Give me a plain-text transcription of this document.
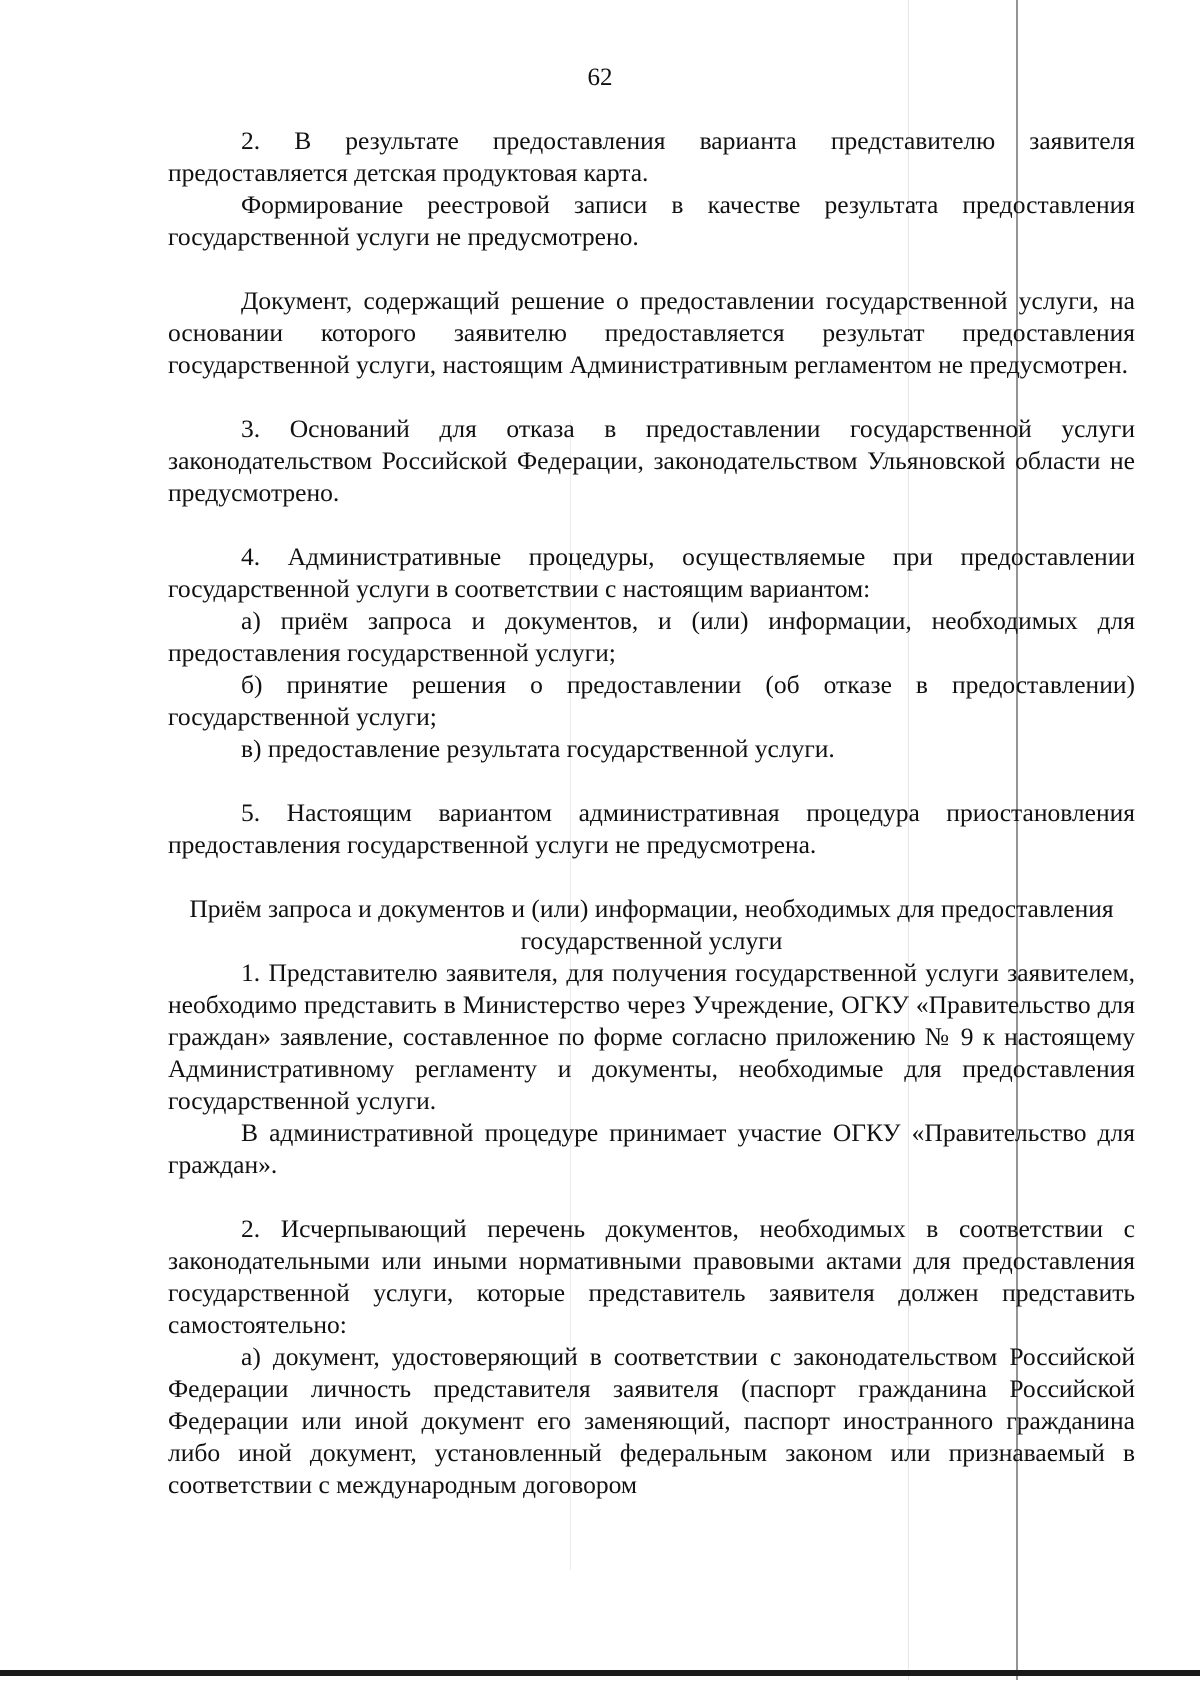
62

2. В результате предоставления варианта представителю заявителя предоставляется детская продуктовая карта.

Формирование реестровой записи в качестве результата предоставления государственной услуги не предусмотрено.

Документ, содержащий решение о предоставлении государственной услуги, на основании которого заявителю предоставляется результат предоставления государственной услуги, настоящим Административным регламентом не предусмотрен.

3. Оснований для отказа в предоставлении государственной услуги законодательством Российской Федерации, законодательством Ульяновской области не предусмотрено.

4. Административные процедуры, осуществляемые при предоставлении государственной услуги в соответствии с настоящим вариантом:

а) приём запроса и документов, и (или) информации, необходимых для предоставления государственной услуги;

б) принятие решения о предоставлении (об отказе в предоставлении) государственной услуги;

в) предоставление результата государственной услуги.

5. Настоящим вариантом административная процедура приостановления предоставления государственной услуги не предусмотрена.

Приём запроса и документов и (или) информации, необходимых для предоставления государственной услуги

1. Представителю заявителя, для получения государственной услуги заявителем, необходимо представить в Министерство через Учреждение, ОГКУ «Правительство для граждан» заявление, составленное по форме согласно приложению № 9 к настоящему Административному регламенту и документы, необходимые для предоставления государственной услуги.

В административной процедуре принимает участие ОГКУ «Правительство для граждан».

2. Исчерпывающий перечень документов, необходимых в соответствии с законодательными или иными нормативными правовыми актами для предоставления государственной услуги, которые представитель заявителя должен представить самостоятельно:

а) документ, удостоверяющий в соответствии с законодательством Российской Федерации личность представителя заявителя (паспорт гражданина Российской Федерации или иной документ его заменяющий, паспорт иностранного гражданина либо иной документ, установленный федеральным законом или признаваемый в соответствии с международным договором
